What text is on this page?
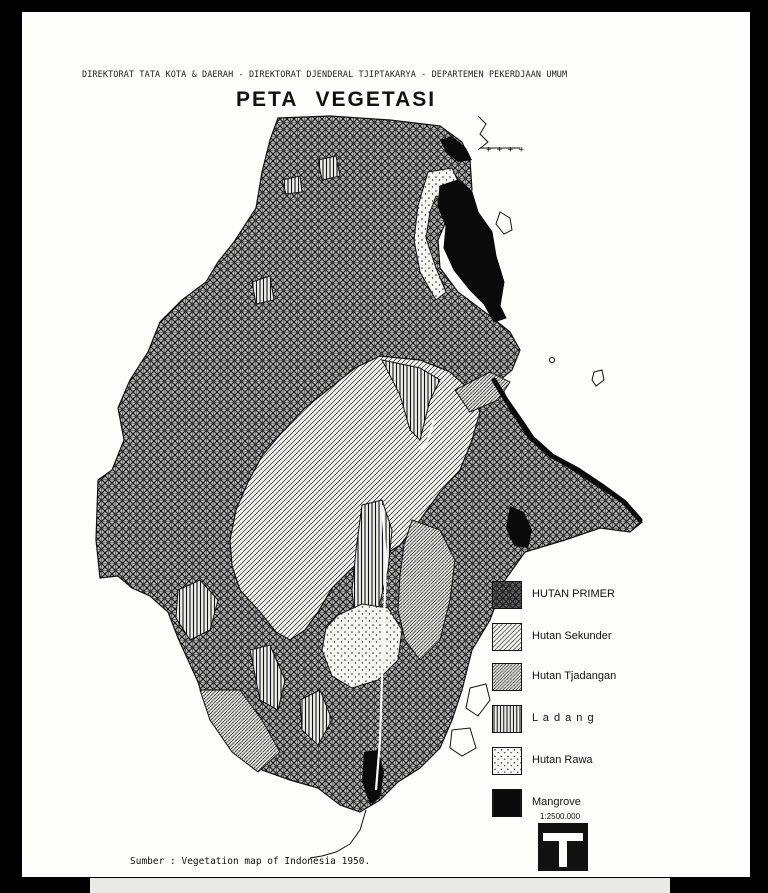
DIREKTORAT TATA KOTA & DAERAH - DIREKTORAT DJENDERAL TJIPTAKARYA - DEPARTEMEN PEKERDJAAN UMUM
PETA VEGETASI
+ + + +
HUTAN PRIMER
Hutan Sekunder
Hutan Tjadangan
L a d a n g
Hutan Rawa
Mangrove
1:2500.000
Sumber : Vegetation map of Indonesia 1950.
